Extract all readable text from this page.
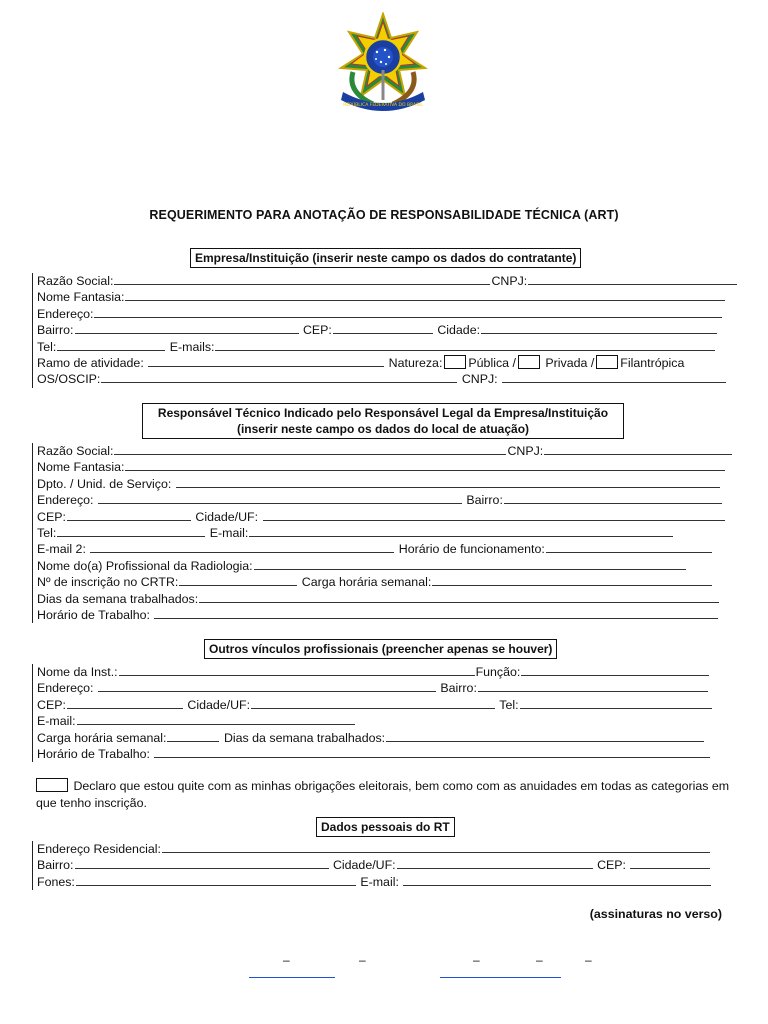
REPÚBLICA FEDERATIVA DO BRASIL
REQUERIMENTO PARA ANOTAÇÃO DE RESPONSABILIDADE TÉCNICA (ART)
Empresa/Instituição (inserir neste campo os dados do contratante)
Razão Social:	CNPJ:
Nome Fantasia:
Endereço:
Bairro:	CEP:	Cidade:
Tel:	E-mails:
Ramo de atividade:	Natureza: Pública / Privada / Filantrópica
OS/OSCIP:	CNPJ:
Responsável Técnico Indicado pelo Responsável Legal da Empresa/Instituição
(inserir neste campo os dados do local de atuação)
Razão Social:	CNPJ:
Nome Fantasia:
Dpto. / Unid. de Serviço:
Endereço:	Bairro:
CEP:	Cidade/UF:
Tel:	E-mail:
E-mail 2:	Horário de funcionamento:
Nome do(a) Profissional da Radiologia:
Nº de inscrição no CRTR:	Carga horária semanal:
Dias da semana trabalhados:
Horário de Trabalho:
Outros vínculos profissionais (preencher apenas se houver)
Nome da Inst.:	Função:
Endereço:	Bairro:
CEP:	Cidade/UF:	Tel:
E-mail:
Carga horária semanal:	Dias da semana trabalhados:
Horário de Trabalho:
Declaro que estou quite com as minhas obrigações eleitorais, bem como com as anuidades em todas as categorias em que tenho inscrição.
Dados pessoais do RT
Endereço Residencial:
Bairro:	Cidade/UF:	CEP:
Fones:	E-mail:
(assinaturas no verso)
–	–	–	–	–
